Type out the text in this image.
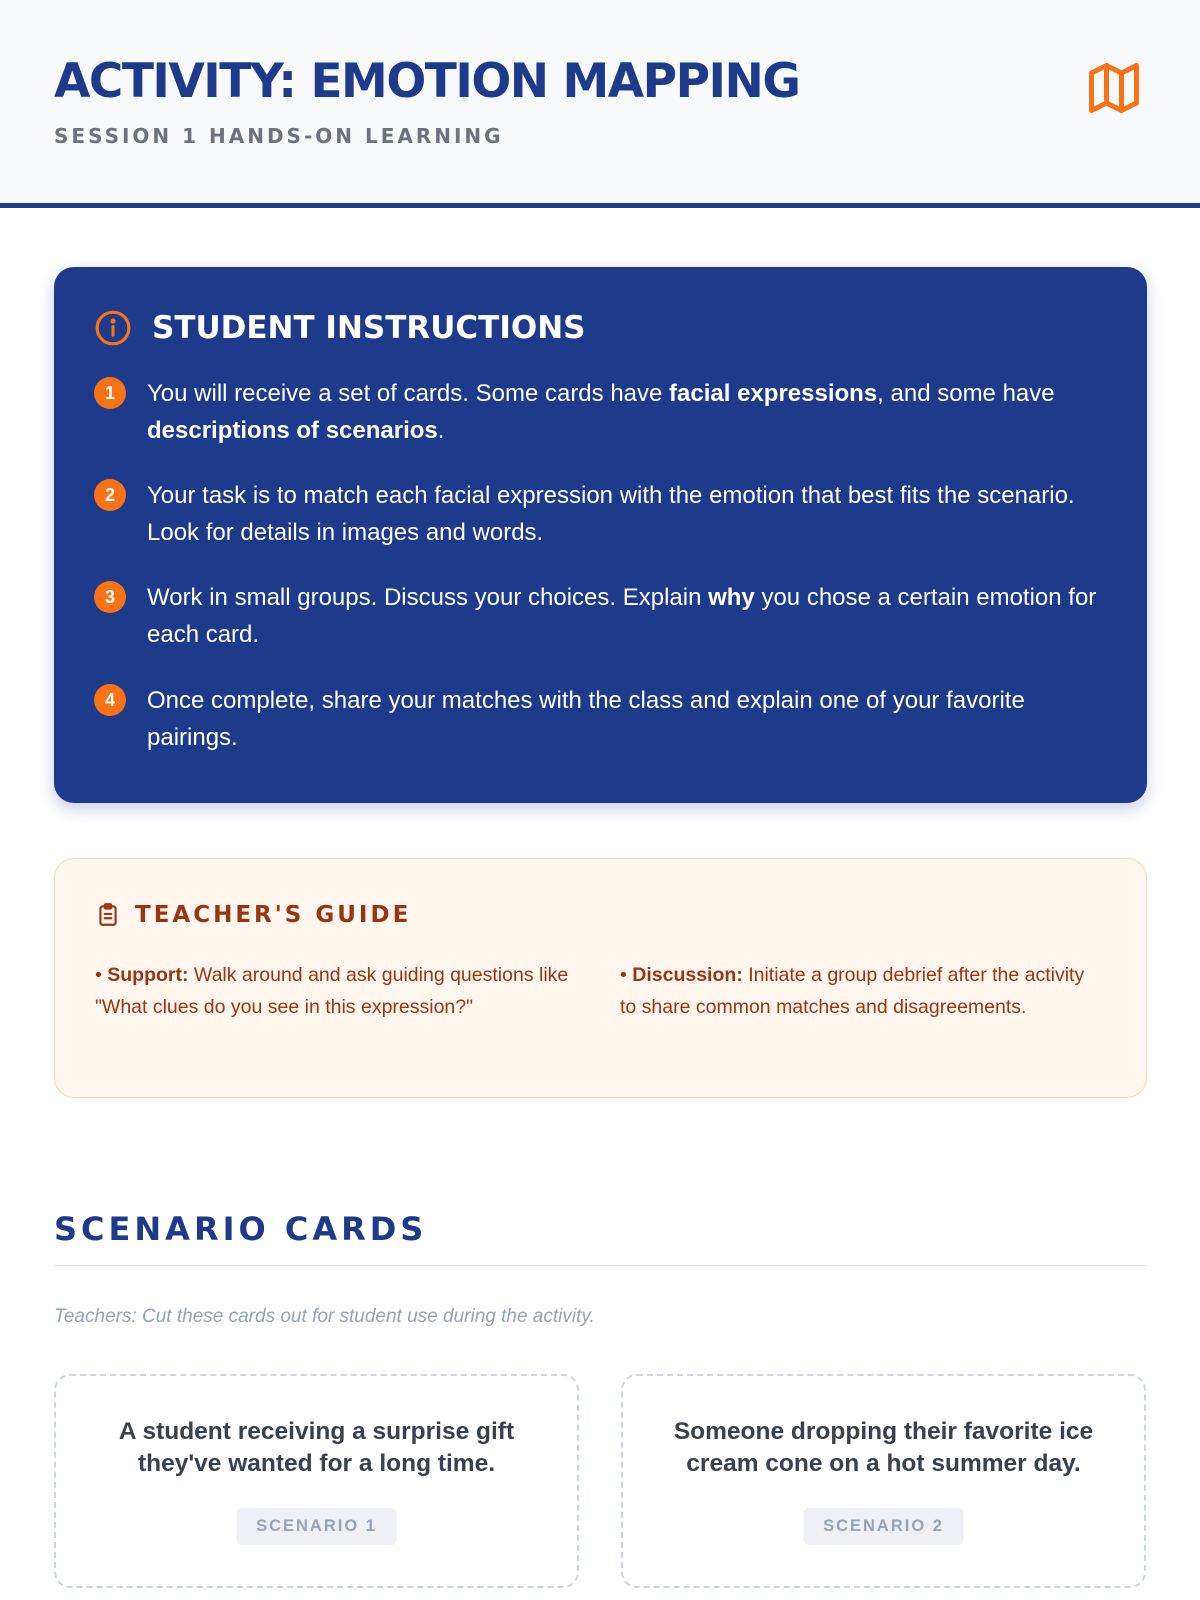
ACTIVITY: EMOTION MAPPING
SESSION 1 HANDS-ON LEARNING
STUDENT INSTRUCTIONS
1	You will receive a set of cards. Some cards have facial expressions, and some have descriptions of scenarios.
2	Your task is to match each facial expression with the emotion that best fits the scenario. Look for details in images and words.
3	Work in small groups. Discuss your choices. Explain why you chose a certain emotion for each card.
4	Once complete, share your matches with the class and explain one of your favorite pairings.
TEACHER'S GUIDE
• Support: Walk around and ask guiding questions like "What clues do you see in this expression?"
• Discussion: Initiate a group debrief after the activity to share common matches and disagreements.
SCENARIO CARDS

Teachers: Cut these cards out for student use during the activity.

A student receiving a surprise gift they've wanted for a long time.
SCENARIO 1
Someone dropping their favorite ice cream cone on a hot summer day.
SCENARIO 2
